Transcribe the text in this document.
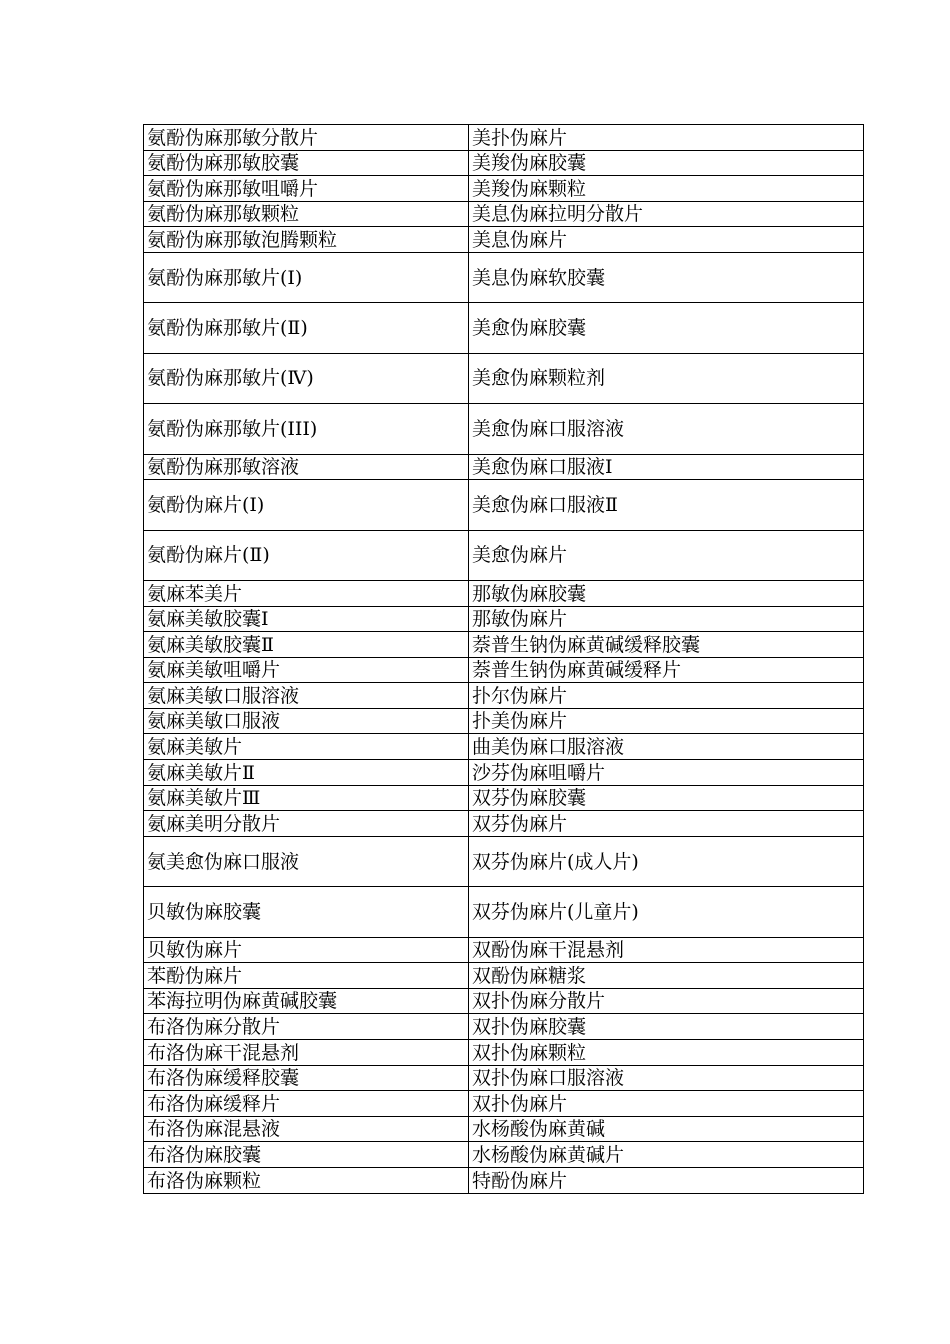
氨酚伪麻那敏分散片	美扑伪麻片
氨酚伪麻那敏胶囊	美羧伪麻胶囊
氨酚伪麻那敏咀嚼片	美羧伪麻颗粒
氨酚伪麻那敏颗粒	美息伪麻拉明分散片
氨酚伪麻那敏泡腾颗粒	美息伪麻片
氨酚伪麻那敏片(Ⅰ)	美息伪麻软胶囊
氨酚伪麻那敏片(Ⅱ)	美愈伪麻胶囊
氨酚伪麻那敏片(Ⅳ)	美愈伪麻颗粒剂
氨酚伪麻那敏片(III)	美愈伪麻口服溶液
氨酚伪麻那敏溶液	美愈伪麻口服液Ⅰ
氨酚伪麻片(Ⅰ)	美愈伪麻口服液Ⅱ
氨酚伪麻片(Ⅱ)	美愈伪麻片
氨麻苯美片	那敏伪麻胶囊
氨麻美敏胶囊Ⅰ	那敏伪麻片
氨麻美敏胶囊Ⅱ	萘普生钠伪麻黄碱缓释胶囊
氨麻美敏咀嚼片	萘普生钠伪麻黄碱缓释片
氨麻美敏口服溶液	扑尔伪麻片
氨麻美敏口服液	扑美伪麻片
氨麻美敏片	曲美伪麻口服溶液
氨麻美敏片Ⅱ	沙芬伪麻咀嚼片
氨麻美敏片Ⅲ	双芬伪麻胶囊
氨麻美明分散片	双芬伪麻片
氨美愈伪麻口服液	双芬伪麻片(成人片)
贝敏伪麻胶囊	双芬伪麻片(儿童片)
贝敏伪麻片	双酚伪麻干混悬剂
苯酚伪麻片	双酚伪麻糖浆
苯海拉明伪麻黄碱胶囊	双扑伪麻分散片
布洛伪麻分散片	双扑伪麻胶囊
布洛伪麻干混悬剂	双扑伪麻颗粒
布洛伪麻缓释胶囊	双扑伪麻口服溶液
布洛伪麻缓释片	双扑伪麻片
布洛伪麻混悬液	水杨酸伪麻黄碱
布洛伪麻胶囊	水杨酸伪麻黄碱片
布洛伪麻颗粒	特酚伪麻片
